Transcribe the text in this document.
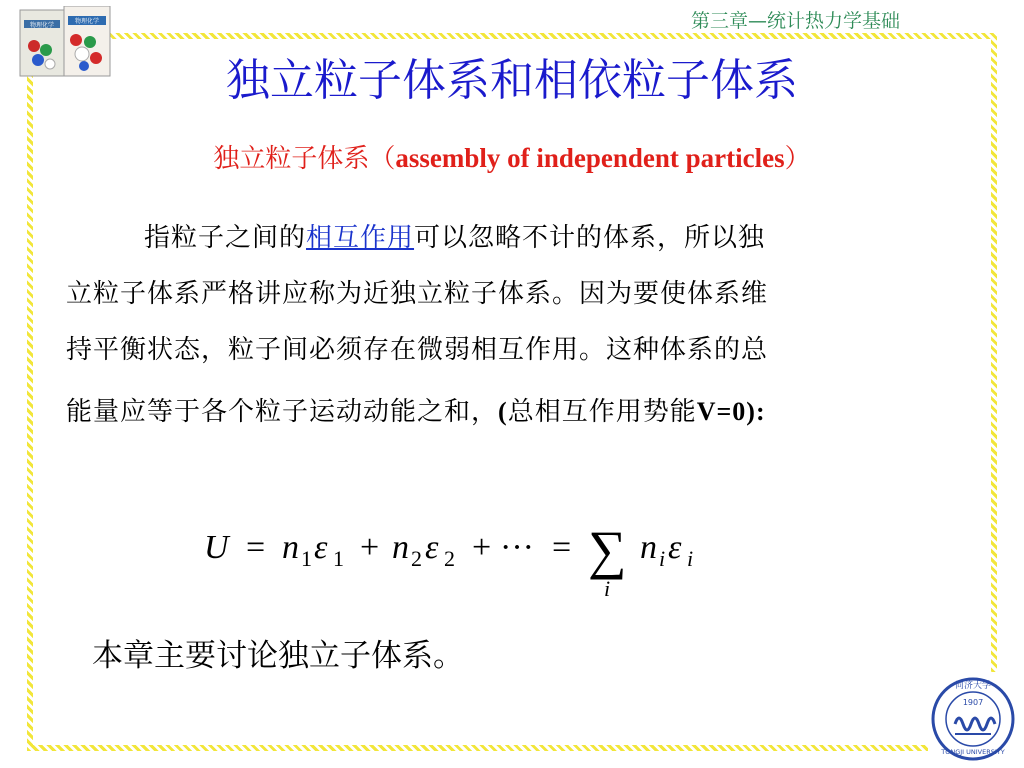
物理化学
物理化学	第三章—统计热力学基础
独立粒子体系和相依粒子体系
独立粒子体系（assembly of independent particles）
指粒子之间的相互作用可以忽略不计的体系，所以独
立粒子体系严格讲应称为近独立粒子体系。因为要使体系维
持平衡状态，粒子间必须存在微弱相互作用。这种体系的总
能量应等于各个粒子运动动能之和，(总相互作用势能V=0):
U = n 1 ε 1 + n 2 ε 2 + ··· = ∑
i
n i ε i
本章主要讨论独立子体系。
同济大学
1907
TONGJI UNIVERSITY
